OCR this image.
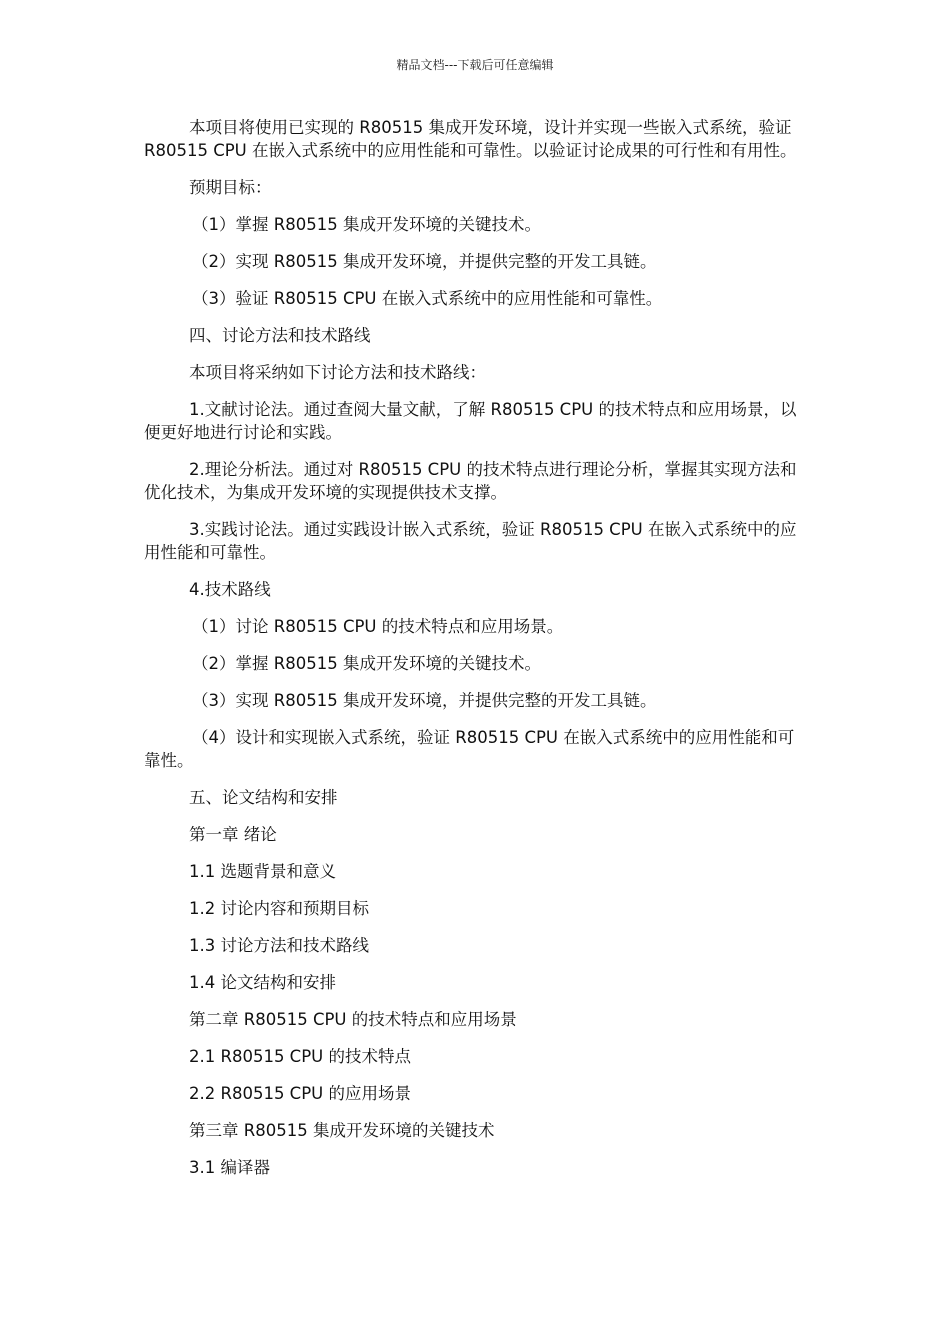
精品文档---下载后可任意编辑

本项目将使用已实现的 R80515 集成开发环境，设计并实现一些嵌入式系统，验证 R80515 CPU 在嵌入式系统中的应用性能和可靠性。以验证讨论成果的可行性和有用性。

预期目标：

（1）掌握 R80515 集成开发环境的关键技术。

（2）实现 R80515 集成开发环境，并提供完整的开发工具链。

（3）验证 R80515 CPU 在嵌入式系统中的应用性能和可靠性。

四、讨论方法和技术路线

本项目将采纳如下讨论方法和技术路线：

1.文献讨论法。通过查阅大量文献，了解 R80515 CPU 的技术特点和应用场景，以便更好地进行讨论和实践。

2.理论分析法。通过对 R80515 CPU 的技术特点进行理论分析，掌握其实现方法和优化技术，为集成开发环境的实现提供技术支撑。

3.实践讨论法。通过实践设计嵌入式系统，验证 R80515 CPU 在嵌入式系统中的应用性能和可靠性。

4.技术路线

（1）讨论 R80515 CPU 的技术特点和应用场景。

（2）掌握 R80515 集成开发环境的关键技术。

（3）实现 R80515 集成开发环境，并提供完整的开发工具链。

（4）设计和实现嵌入式系统，验证 R80515 CPU 在嵌入式系统中的应用性能和可靠性。

五、论文结构和安排

第一章 绪论

1.1 选题背景和意义

1.2 讨论内容和预期目标

1.3 讨论方法和技术路线

1.4 论文结构和安排

第二章 R80515 CPU 的技术特点和应用场景

2.1 R80515 CPU 的技术特点

2.2 R80515 CPU 的应用场景

第三章 R80515 集成开发环境的关键技术

3.1 编译器
